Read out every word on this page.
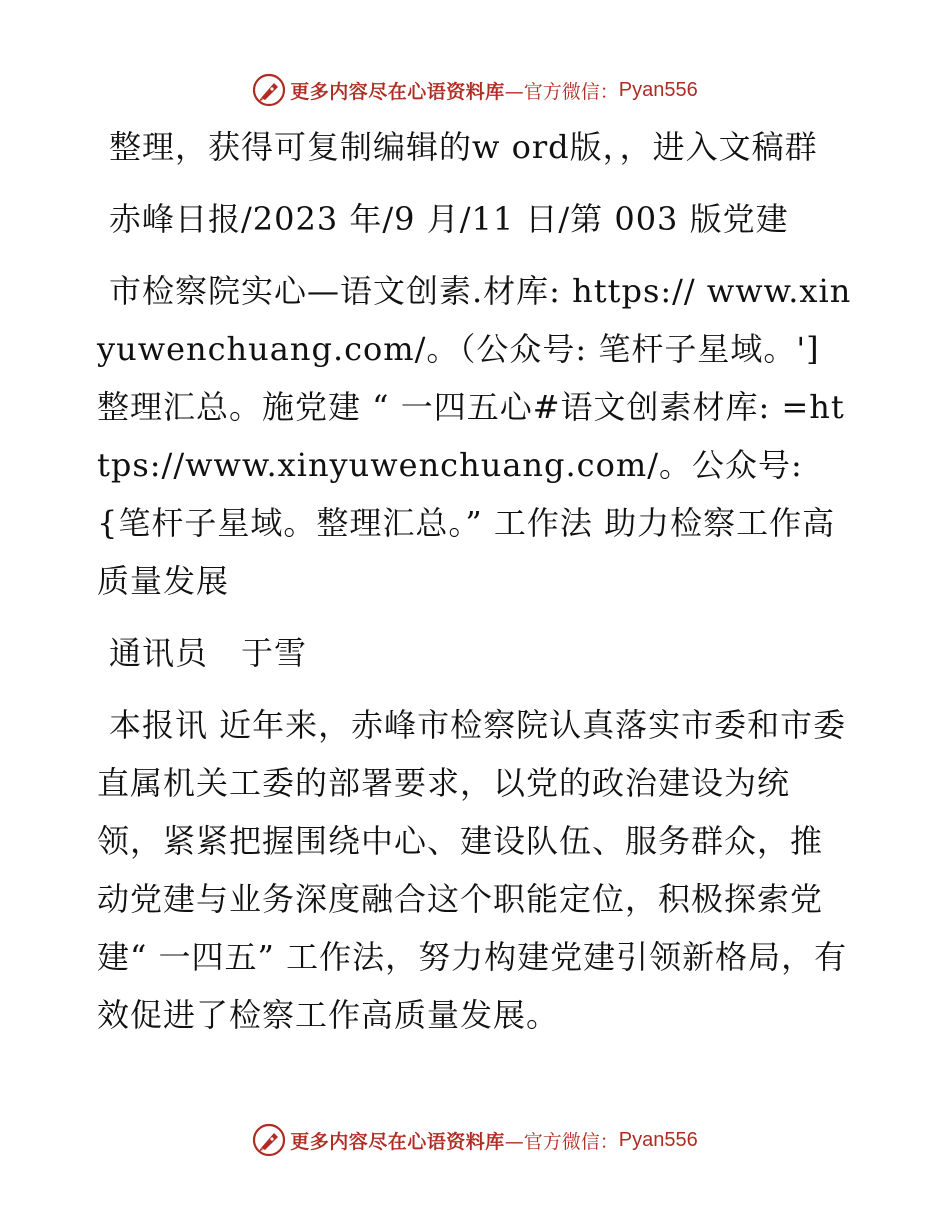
更多内容尽在心语资料库 —官方微信： Pyan556

整理，获得可复制编辑的w ord版，，进入文稿群

赤峰日报/2023 年/9 月/11 日/第 003 版党建

市检察院实心—语文创素.材库: https:// www.xinyuwenchuang.com/。（公众号: 笔杆子星域。'] 整理汇总。施党建 “ 一四五心#语文创素材库: =https://www.xinyuwenchuang.com/。公众号: {笔杆子星域。整理汇总。” 工作法 助力检察工作高质量发展

通讯员　于雪

本报讯 近年来，赤峰市检察院认真落实市委和市委直属机关工委的部署要求，以党的政治建设为统领，紧紧把握围绕中心、建设队伍、服务群众，推动党建与业务深度融合这个职能定位，积极探索党建“ 一四五” 工作法，努力构建党建引领新格局，有效促进了检察工作高质量发展。

更多内容尽在心语资料库 —官方微信： Pyan556
